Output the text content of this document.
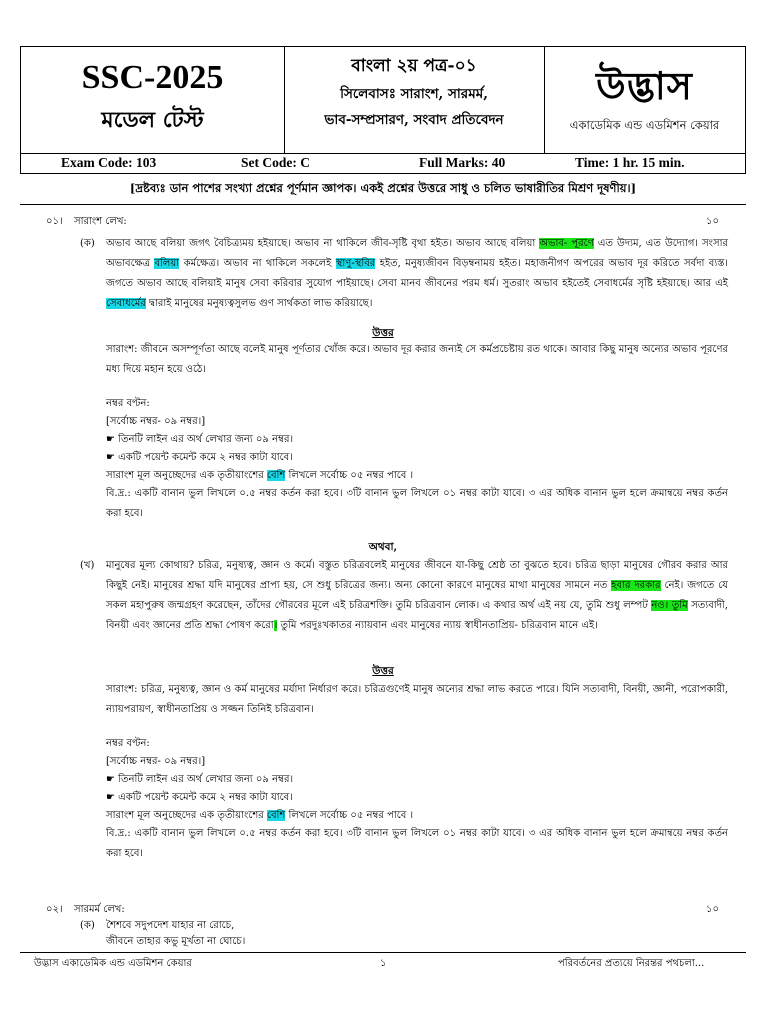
SSC-2025
মডেল টেস্ট
বাংলা ২য় পত্র-০১
সিলেবাসঃ সারাংশ, সারমর্ম,
ভাব-সম্প্রসারণ, সংবাদ প্রতিবেদন
উদ্ভাস
একাডেমিক এন্ড এডমিশন কেয়ার
Exam Code: 103	Set Code: C	Full Marks: 40	Time: 1 hr. 15 min.
[দ্রষ্টব্যঃ ডান পাশের সংখ্যা প্রশ্নের পূর্ণমান জ্ঞাপক। একই প্রশ্নের উত্তরে সাধু ও চলিত ভাষারীতির মিশ্রণ দূষণীয়।]
০১। সারাংশ লেখ:	১০
(ক) অভাব আছে বলিয়া জগৎ বৈচিত্র্যময় হইয়াছে। অভাব না থাকিলে জীব-সৃষ্টি বৃথা হইত। অভাব আছে বলিয়া অভাব- পূরণে এত উদ্যম, এত উদ্যোগ। সংসার অভাবক্ষেত্র বলিয়া কর্মক্ষেত্র। অভাব না থাকিলে সকলেই স্থাণু-স্থবির হইত, মনুষ্যজীবন বিড়ম্বনাময় হইত। মহাজনীগণ অপরের অভাব দূর করিতে সর্বদা ব্যস্ত। জগতে অভাব আছে বলিয়াই মানুষ সেবা করিবার সুযোগ পাইয়াছে। সেবা মানব জীবনের পরম ধর্ম। সুতরাং অভাব হইতেই সেবাধর্মের সৃষ্টি হইয়াছে। আর এই সেবাধর্মের দ্বারাই মানুষের মনুষ্যত্বসুলভ গুণ সার্থকতা লাভ করিয়াছে।
উত্তর
সারাংশ: জীবনে অসম্পূর্ণতা আছে বলেই মানুষ পূর্ণতার খোঁজ করে। অভাব দূর করার জন্যই সে কর্মপ্রচেষ্টায় রত থাকে। আবার কিছু মানুষ অন্যের অভাব পূরণের মধ্য দিয়ে মহান হয়ে ওঠে।
নম্বর বণ্টন:
[সর্বোচ্চ নম্বর- ০৯ নম্বর।]
☛ তিনটি লাইন এর অর্থ লেখার জন্য ০৯ নম্বর।
☛ একটি পয়েন্ট কমেন্ট কমে ২ নম্বর কাটা যাবে।
সারাংশ মূল অনুচ্ছেদের এক তৃতীয়াংশের বেশি লিখলে সর্বোচ্চ ০৫ নম্বর পাবে ।
বি.দ্র.: একটি বানান ভুল লিখলে ০.৫ নম্বর কর্তন করা হবে। ৩টি বানান ভুল লিখলে ০১ নম্বর কাটা যাবে। ৩ এর অধিক বানান ভুল হলে ক্রমান্বয়ে নম্বর কর্তন করা হবে।
অথবা,
(খ) মানুষের মূল্য কোথায়? চরিত্র, মনুষ্যত্ব, জ্ঞান ও কর্মে। বস্তুত চরিত্রবলেই মানুষের জীবনে যা-কিছু শ্রেষ্ঠ তা বুঝতে হবে। চরিত্র ছাড়া মানুষের গৌরব করার আর কিছুই নেই। মানুষের শ্রদ্ধা যদি মানুষের প্রাপ্য হয়, সে শুধু চরিত্রের জন্য। অন্য কোনো কারণে মানুষের মাথা মানুষের সামনে নত হবার দরকার নেই। জগতে যে সকল মহাপুরুষ জন্মগ্রহণ করেছেন, তাঁদের গৌরবের মূলে এই চরিত্রশক্তি। তুমি চরিত্রবান লোক। এ কথার অর্থ এই নয় যে, তুমি শুধু লম্পট নও। তুমি সত্যবাদী, বিনয়ী এবং জ্ঞানের প্রতি শ্রদ্ধা পোষণ করো। তুমি পরদুঃখকাতর ন্যায়বান এবং মানুষের ন্যায় স্বাধীনতাপ্রিয়- চরিত্রবান মানে এই।
উত্তর
সারাংশ: চরিত্র, মনুষ্যত্ব, জ্ঞান ও কর্ম মানুষের মর্যাদা নির্ধারণ করে। চরিত্রগুণেই মানুষ অন্যের শ্রদ্ধা লাভ করতে পারে। যিনি সত্যবাদী, বিনয়ী, জ্ঞানী, পরোপকারী, ন্যায়পরায়ণ, স্বাধীনতাপ্রিয় ও সজ্জন তিনিই চরিত্রবান।
নম্বর বণ্টন:
[সর্বোচ্চ নম্বর- ০৯ নম্বর।]
☛ তিনটি লাইন এর অর্থ লেখার জন্য ০৯ নম্বর।
☛ একটি পয়েন্ট কমেন্ট কমে ২ নম্বর কাটা যাবে।
সারাংশ মূল অনুচ্ছেদের এক তৃতীয়াংশের বেশি লিখলে সর্বোচ্চ ০৫ নম্বর পাবে ।
বি.দ্র.: একটি বানান ভুল লিখলে ০.৫ নম্বর কর্তন করা হবে। ৩টি বানান ভুল লিখলে ০১ নম্বর কাটা যাবে। ৩ এর অধিক বানান ভুল হলে ক্রমান্বয়ে নম্বর কর্তন করা হবে।
০২। সারমর্ম লেখ:	১০
(ক) শৈশবে সদুপদেশ যাহার না রোচে,
জীবনে তাহার কভু মূর্খতা না ঘোচে।
উদ্ভাস একাডেমিক এন্ড এডমিশন কেয়ার	১	পরিবর্তনের প্রত্যয়ে নিরন্তর পথচলা...
